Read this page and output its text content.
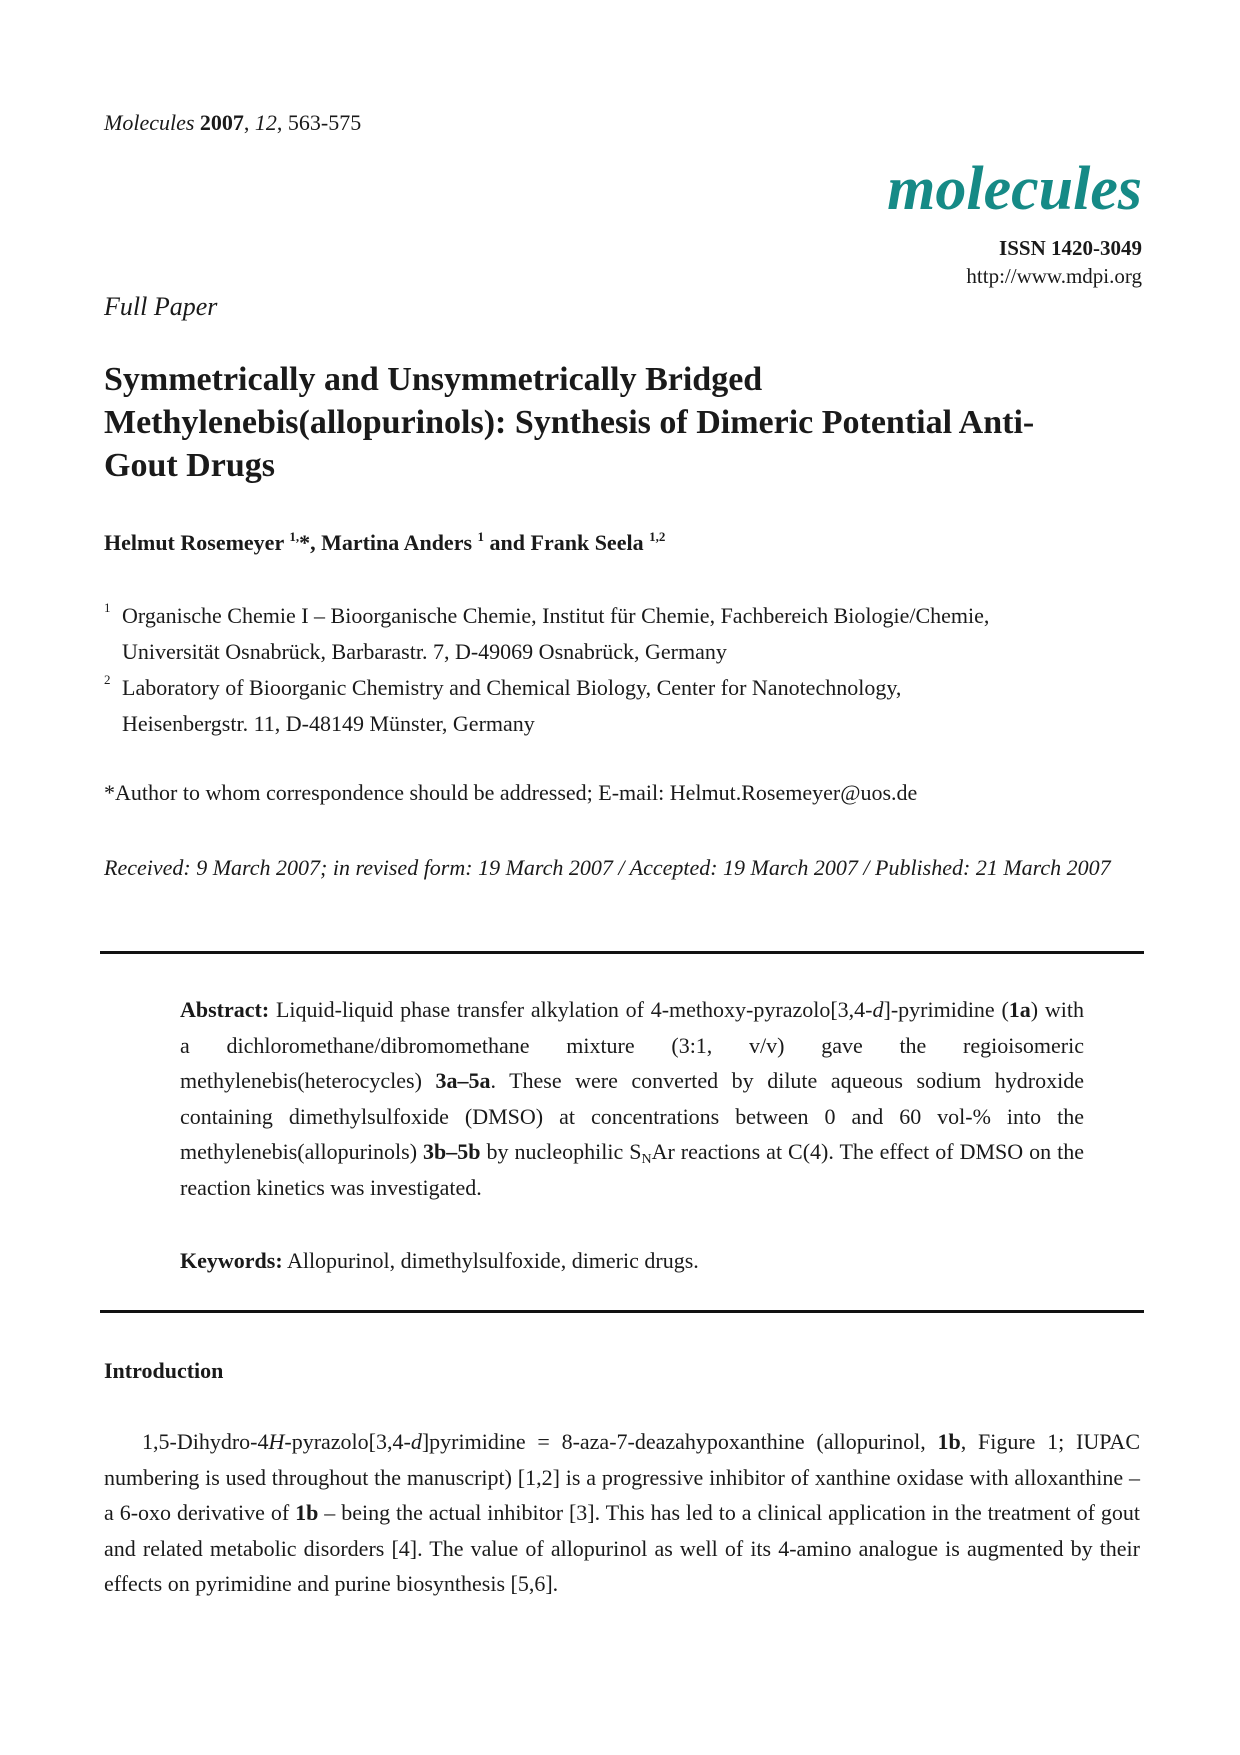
Molecules 2007, 12, 563-575
molecules
ISSN 1420-3049
http://www.mdpi.org
Full Paper
Symmetrically and Unsymmetrically Bridged Methylenebis(allopurinols): Synthesis of Dimeric Potential Anti-Gout Drugs
Helmut Rosemeyer $^{1,}$*, Martina Anders $^1$ and Frank Seela $^{1,2}$
1 Organische Chemie I – Bioorganische Chemie, Institut für Chemie, Fachbereich Biologie/Chemie,
Universität Osnabrück, Barbarastr. 7, D-49069 Osnabrück, Germany
2 Laboratory of Bioorganic Chemistry and Chemical Biology, Center for Nanotechnology,
Heisenbergstr. 11, D-48149 Münster, Germany
*Author to whom correspondence should be addressed; E-mail: Helmut.Rosemeyer@uos.de
Received: 9 March 2007; in revised form: 19 March 2007 / Accepted: 19 March 2007 / Published: 21 March 2007
Abstract: Liquid-liquid phase transfer alkylation of 4-methoxy-pyrazolo[3,4-d]-pyrimidine (1a) with a dichloromethane/dibromomethane mixture (3:1, v/v) gave the regioisomeric methylenebis(heterocycles) 3a–5a. These were converted by dilute aqueous sodium hydroxide containing dimethylsulfoxide (DMSO) at concentrations between 0 and 60 vol-% into the methylenebis(allopurinols) 3b–5b by nucleophilic $S_NAr$ reactions at C(4). The effect of DMSO on the reaction kinetics was investigated.
Keywords: Allopurinol, dimethylsulfoxide, dimeric drugs.
Introduction
1,5-Dihydro-4H-pyrazolo[3,4-d]pyrimidine = 8-aza-7-deazahypoxanthine (allopurinol, 1b, Figure 1; IUPAC numbering is used throughout the manuscript) [1,2] is a progressive inhibitor of xanthine oxidase with alloxanthine – a 6-oxo derivative of 1b – being the actual inhibitor [3]. This has led to a clinical application in the treatment of gout and related metabolic disorders [4]. The value of allopurinol as well of its 4-amino analogue is augmented by their effects on pyrimidine and purine biosynthesis [5,6].
